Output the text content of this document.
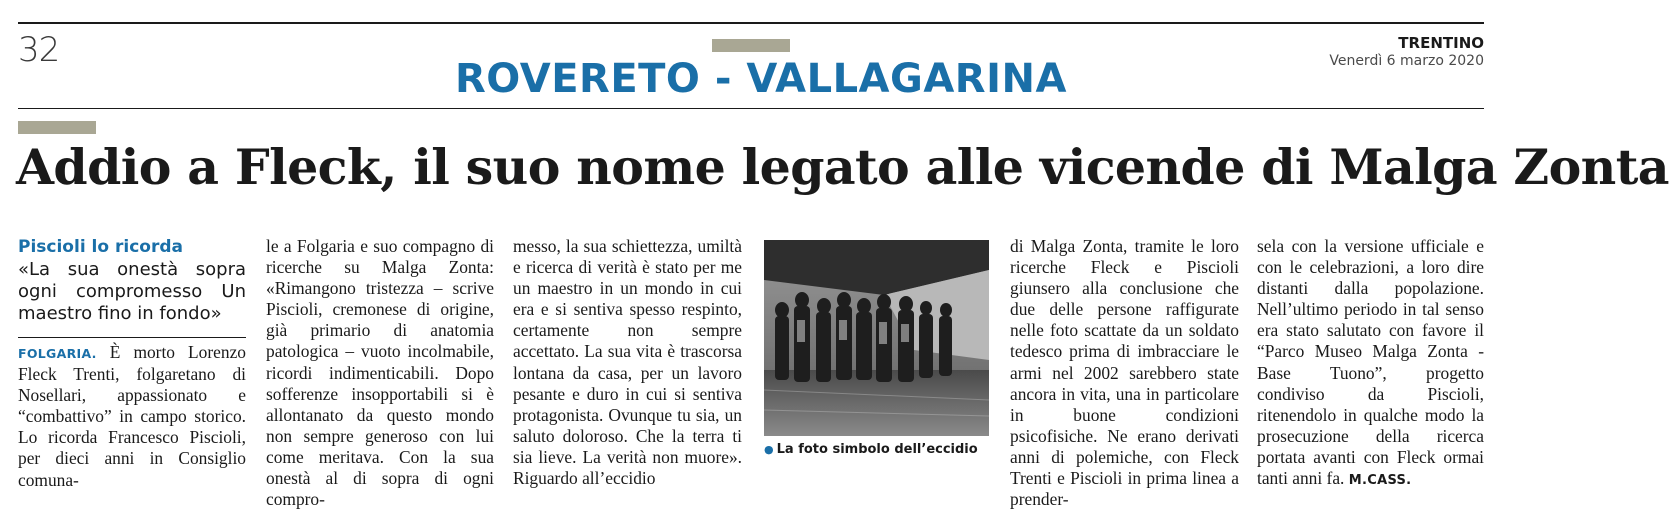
32
ROVERETO - VALLAGARINA
TRENTINO
Venerdì 6 marzo 2020
Addio a Fleck, il suo nome legato alle vicende di Malga Zonta
Piscioli lo ricorda
«La sua onestà sopra ogni compromesso Un maestro fino in fondo»

FOLGARIA. È morto Lorenzo Fleck Trenti, folgaretano di Nosellari, appassionato e “combattivo” in campo storico. Lo ricorda Francesco Piscioli, per dieci anni in Consiglio comuna-

le a Folgaria e suo compagno di ricerche su Malga Zonta: «Rimangono tristezza – scrive Piscioli, cremonese di origine, già primario di anatomia patologica – vuoto incolmabile, ricordi indimenticabili. Dopo sofferenze insopportabili si è allontanato da questo mondo non sempre generoso con lui come meritava. Con la sua onestà al di sopra di ogni compro-

messo, la sua schiettezza, umiltà e ricerca di verità è stato per me un maestro in un mondo in cui era e si sentiva spesso respinto, certamente non sempre accettato. La sua vita è trascorsa lontana da casa, per un lavoro pesante e duro in cui si sentiva protagonista. Ovunque tu sia, un saluto doloroso. Che la terra ti sia lieve. La verità non muore». Riguardo all’eccidio

● La foto simbolo dell’eccidio

di Malga Zonta, tramite le loro ricerche Fleck e Piscioli giunsero alla conclusione che due delle persone raffigurate nelle foto scattate da un soldato tedesco prima di imbracciare le armi nel 2002 sarebbero state ancora in vita, una in particolare in buone condizioni psicofisiche. Ne erano derivati anni di polemiche, con Fleck Trenti e Piscioli in prima linea a prender-

sela con la versione ufficiale e con le celebrazioni, a loro dire distanti dalla popolazione. Nell’ultimo periodo in tal senso era stato salutato con favore il “Parco Museo Malga Zonta - Base Tuono”, progetto condiviso da Piscioli, ritenendolo in qualche modo la prosecuzione della ricerca portata avanti con Fleck ormai tanti anni fa. M.CASS.
